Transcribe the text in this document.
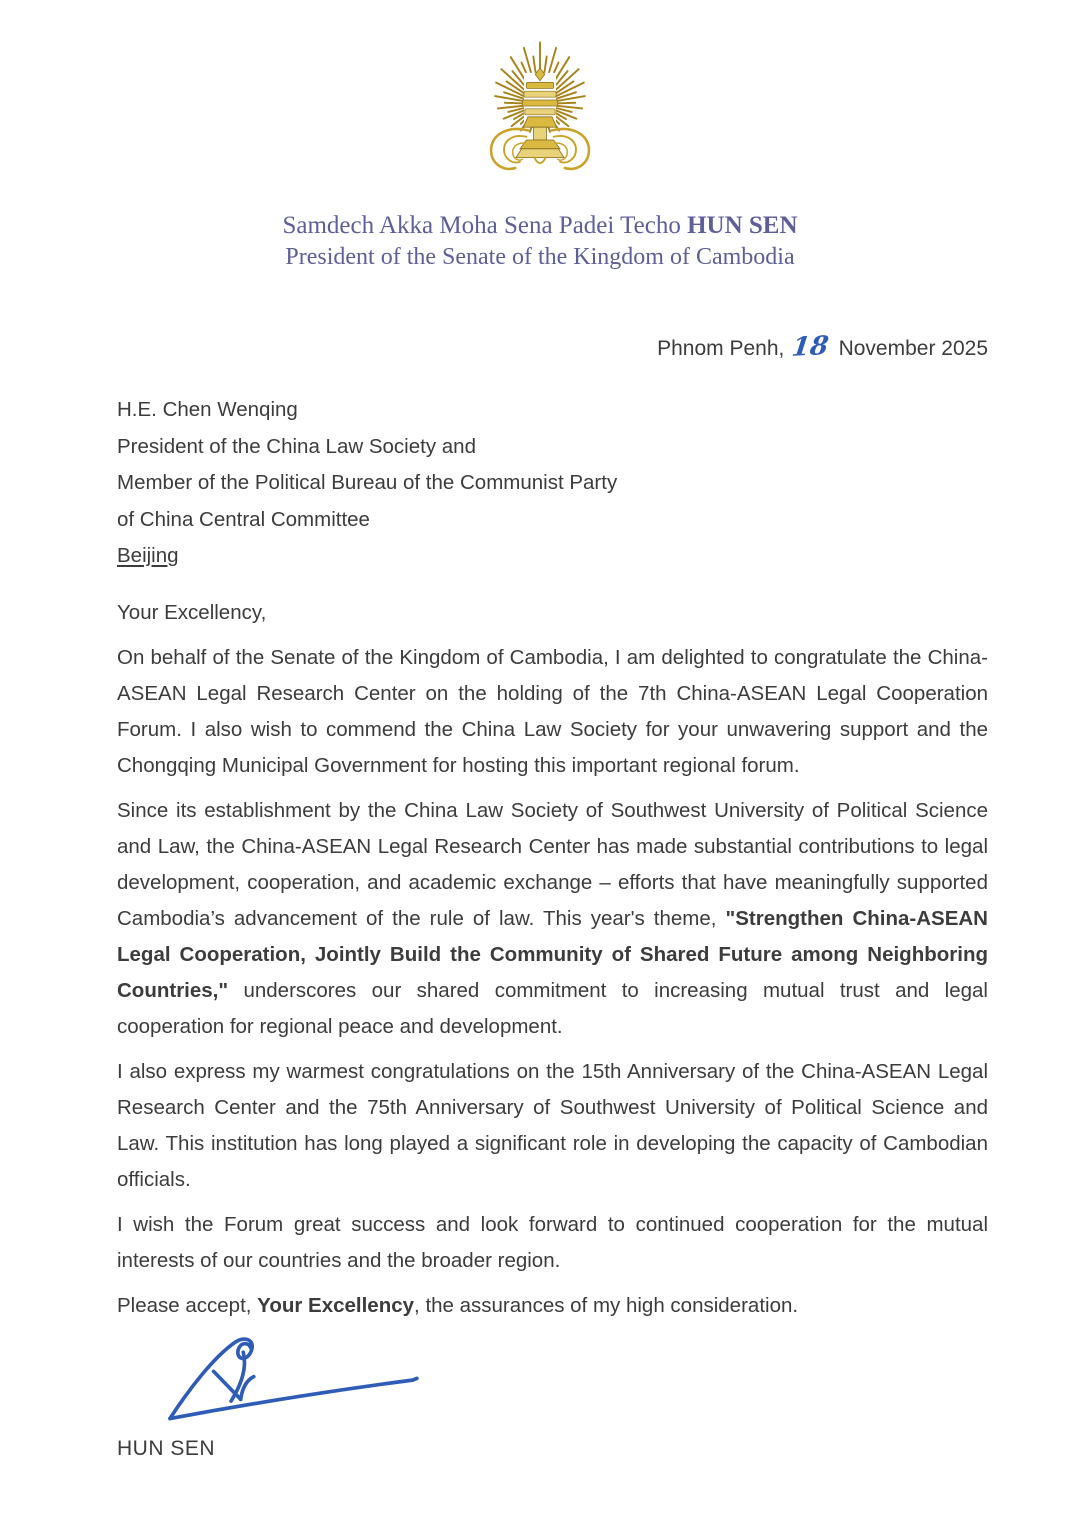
Samdech Akka Moha Sena Padei Techo HUN SEN
President of the Senate of the Kingdom of Cambodia
Phnom Penh, 18 November 2025
H.E. Chen Wenqing
President of the China Law Society and
Member of the Political Bureau of the Communist Party
of China Central Committee
Beijing

Your Excellency,

On behalf of the Senate of the Kingdom of Cambodia, I am delighted to congratulate the China-ASEAN Legal Research Center on the holding of the 7th China-ASEAN Legal Cooperation Forum. I also wish to commend the China Law Society for your unwavering support and the Chongqing Municipal Government for hosting this important regional forum.

Since its establishment by the China Law Society of Southwest University of Political Science and Law, the China-ASEAN Legal Research Center has made substantial contributions to legal development, cooperation, and academic exchange – efforts that have meaningfully supported Cambodia’s advancement of the rule of law. This year's theme, "Strengthen China-ASEAN Legal Cooperation, Jointly Build the Community of Shared Future among Neighboring Countries," underscores our shared commitment to increasing mutual trust and legal cooperation for regional peace and development.

I also express my warmest congratulations on the 15th Anniversary of the China-ASEAN Legal Research Center and the 75th Anniversary of Southwest University of Political Science and Law. This institution has long played a significant role in developing the capacity of Cambodian officials.

I wish the Forum great success and look forward to continued cooperation for the mutual interests of our countries and the broader region.

Please accept, Your Excellency, the assurances of my high consideration.

HUN SEN
